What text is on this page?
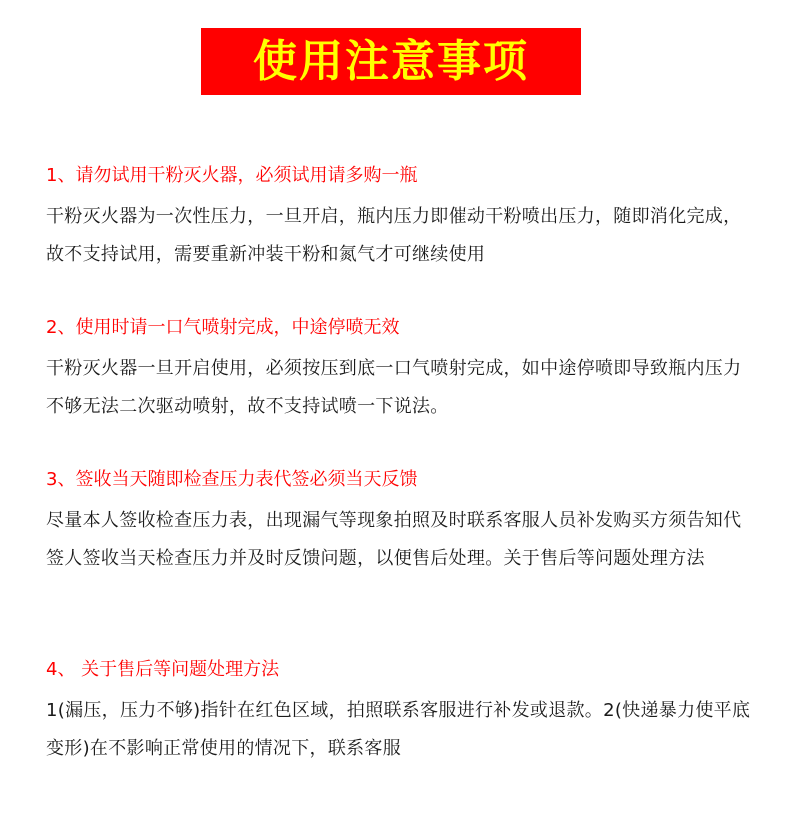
使用注意事项
1、请勿试用干粉灭火器，必须试用请多购一瓶
干粉灭火器为一次性压力，一旦开启，瓶内压力即催动干粉喷出压力，随即消化完成，故不支持试用，需要重新冲装干粉和氮气才可继续使用
2、使用时请一口气喷射完成，中途停喷无效
干粉灭火器一旦开启使用，必须按压到底一口气喷射完成，如中途停喷即导致瓶内压力不够无法二次驱动喷射，故不支持试喷一下说法。
3、签收当天随即检查压力表代签必须当天反馈
尽量本人签收检查压力表，出现漏气等现象拍照及时联系客服人员补发购买方须告知代签人签收当天检查压力并及时反馈问题，以便售后处理。关于售后等问题处理方法
4、 关于售后等问题处理方法
1(漏压，压力不够)指针在红色区域，拍照联系客服进行补发或退款。2(快递暴力使平底变形)在不影响正常使用的情况下，联系客服
